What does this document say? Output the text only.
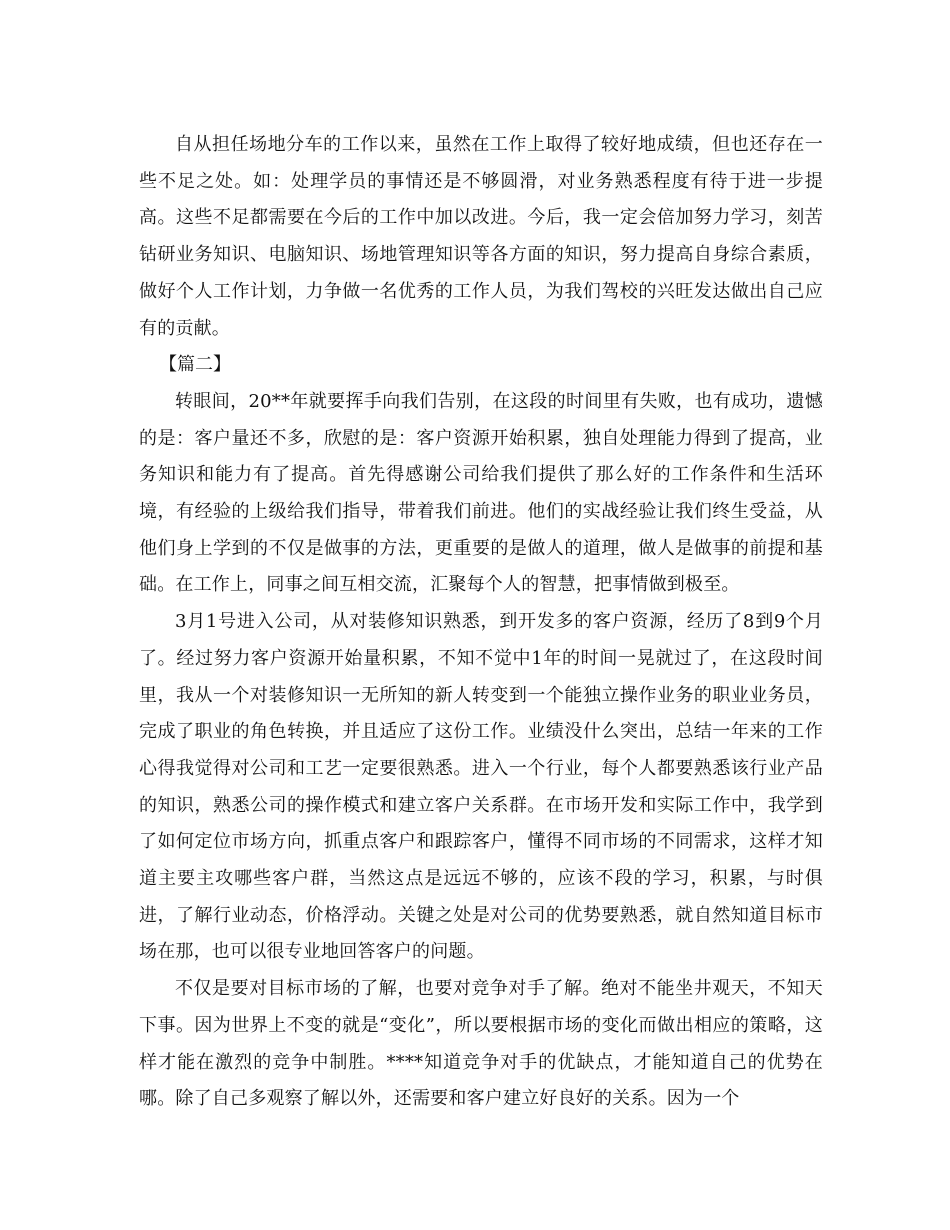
自从担任场地分车的工作以来，虽然在工作上取得了较好地成绩，但也还存在一些不足之处。如：处理学员的事情还是不够圆滑，对业务熟悉程度有待于进一步提高。这些不足都需要在今后的工作中加以改进。今后，我一定会倍加努力学习，刻苦钻研业务知识、电脑知识、场地管理知识等各方面的知识，努力提高自身综合素质，做好个人工作计划，力争做一名优秀的工作人员，为我们驾校的兴旺发达做出自己应有的贡献。

【篇二】

转眼间，20**年就要挥手向我们告别，在这段的时间里有失败，也有成功，遗憾的是：客户量还不多，欣慰的是：客户资源开始积累，独自处理能力得到了提高，业务知识和能力有了提高。首先得感谢公司给我们提供了那么好的工作条件和生活环境，有经验的上级给我们指导，带着我们前进。他们的实战经验让我们终生受益，从他们身上学到的不仅是做事的方法，更重要的是做人的道理，做人是做事的前提和基础。在工作上，同事之间互相交流，汇聚每个人的智慧，把事情做到极至。

3月1号进入公司，从对装修知识熟悉，到开发多的客户资源，经历了8到9个月了。经过努力客户资源开始量积累，不知不觉中1年的时间一晃就过了，在这段时间里，我从一个对装修知识一无所知的新人转变到一个能独立操作业务的职业业务员，完成了职业的角色转换，并且适应了这份工作。业绩没什么突出，总结一年来的工作心得我觉得对公司和工艺一定要很熟悉。进入一个行业，每个人都要熟悉该行业产品的知识，熟悉公司的操作模式和建立客户关系群。在市场开发和实际工作中，我学到了如何定位市场方向，抓重点客户和跟踪客户，懂得不同市场的不同需求，这样才知道主要主攻哪些客户群，当然这点是远远不够的，应该不段的学习，积累，与时俱进，了解行业动态，价格浮动。关键之处是对公司的优势要熟悉，就自然知道目标市场在那，也可以很专业地回答客户的问题。

不仅是要对目标市场的了解，也要对竞争对手了解。绝对不能坐井观天，不知天下事。因为世界上不变的就是“变化”，所以要根据市场的变化而做出相应的策略，这样才能在激烈的竞争中制胜。****知道竞争对手的优缺点，才能知道自己的优势在哪。除了自己多观察了解以外，还需要和客户建立好良好的关系。因为一个
